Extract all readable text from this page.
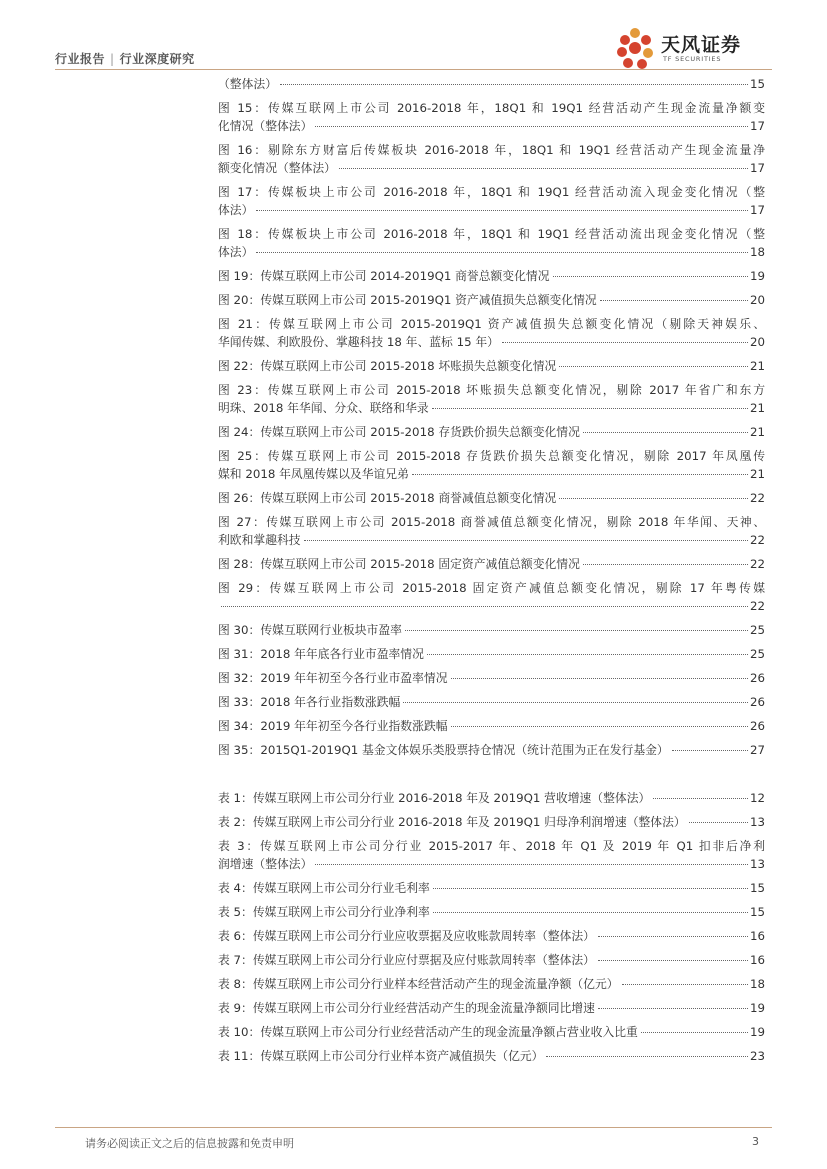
行业报告 | 行业深度研究
天风证券
TF SECURITIES
（整体法）	15
图 15：传媒互联网上市公司 2016-2018 年，18Q1 和 19Q1 经营活动产生现金流量净额变
化情况（整体法）	17
图 16：剔除东方财富后传媒板块 2016-2018 年，18Q1 和 19Q1 经营活动产生现金流量净
额变化情况（整体法）	17
图 17：传媒板块上市公司 2016-2018 年，18Q1 和 19Q1 经营活动流入现金变化情况（整
体法）	17
图 18：传媒板块上市公司 2016-2018 年，18Q1 和 19Q1 经营活动流出现金变化情况（整
体法）	18
图 19：传媒互联网上市公司 2014-2019Q1 商誉总额变化情况	19
图 20：传媒互联网上市公司 2015-2019Q1 资产减值损失总额变化情况	20
图 21：传媒互联网上市公司 2015-2019Q1 资产减值损失总额变化情况（剔除天神娱乐、
华闻传媒、利欧股份、掌趣科技 18 年、蓝标 15 年）	20
图 22：传媒互联网上市公司 2015-2018 坏账损失总额变化情况	21
图 23：传媒互联网上市公司 2015-2018 坏账损失总额变化情况，剔除 2017 年省广和东方
明珠、2018 年华闻、分众、联络和华录	21
图 24：传媒互联网上市公司 2015-2018 存货跌价损失总额变化情况	21
图 25：传媒互联网上市公司 2015-2018 存货跌价损失总额变化情况，剔除 2017 年凤凰传
媒和 2018 年凤凰传媒以及华谊兄弟	21
图 26：传媒互联网上市公司 2015-2018 商誉减值总额变化情况	22
图 27：传媒互联网上市公司 2015-2018 商誉减值总额变化情况，剔除 2018 年华闻、天神、
利欧和掌趣科技	22
图 28：传媒互联网上市公司 2015-2018 固定资产减值总额变化情况	22
图 29：传媒互联网上市公司 2015-2018 固定资产减值总额变化情况，剔除 17 年粤传媒
22
图 30：传媒互联网行业板块市盈率	25
图 31：2018 年年底各行业市盈率情况	25
图 32：2019 年年初至今各行业市盈率情况	26
图 33：2018 年各行业指数涨跌幅	26
图 34：2019 年年初至今各行业指数涨跌幅	26
图 35：2015Q1-2019Q1 基金文体娱乐类股票持仓情况（统计范围为正在发行基金）	27
表 1：传媒互联网上市公司分行业 2016-2018 年及 2019Q1 营收增速（整体法）	12
表 2：传媒互联网上市公司分行业 2016-2018 年及 2019Q1 归母净利润增速（整体法）	13
表 3：传媒互联网上市公司分行业 2015-2017 年、2018 年 Q1 及 2019 年 Q1 扣非后净利
润增速（整体法）	13
表 4：传媒互联网上市公司分行业毛利率	15
表 5：传媒互联网上市公司分行业净利率	15
表 6：传媒互联网上市公司分行业应收票据及应收账款周转率（整体法）	16
表 7：传媒互联网上市公司分行业应付票据及应付账款周转率（整体法）	16
表 8：传媒互联网上市公司分行业样本经营活动产生的现金流量净额（亿元）	18
表 9：传媒互联网上市公司分行业经营活动产生的现金流量净额同比增速	19
表 10：传媒互联网上市公司分行业经营活动产生的现金流量净额占营业收入比重	19
表 11：传媒互联网上市公司分行业样本资产减值损失（亿元）	23
请务必阅读正文之后的信息披露和免责申明	3
